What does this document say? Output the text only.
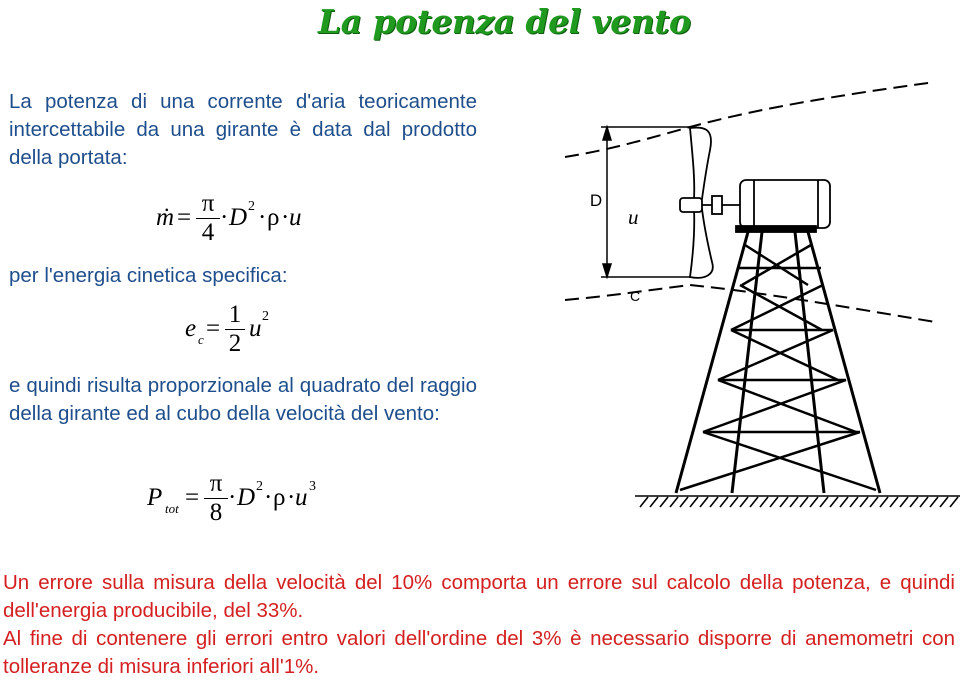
La potenza del vento

La potenza di una corrente d'aria teoricamente intercettabile da una girante è data dal prodotto della portata:

ṁ =
π
4
· D 2 · ρ · u

per l'energia cinetica specifica:

e c =
1
2
u 2

e quindi risulta proporzionale al quadrato del raggio della girante ed al cubo della velocità del vento:

P tot =
π
8
· D 2 · ρ · u 3
D
u
C

Un errore sulla misura della velocità del 10% comporta un errore sul calcolo della potenza, e quindi dell'energia producibile, del 33%.

Al fine di contenere gli errori entro valori dell'ordine del 3% è necessario disporre di anemometri con tolleranze di misura inferiori all'1%.
